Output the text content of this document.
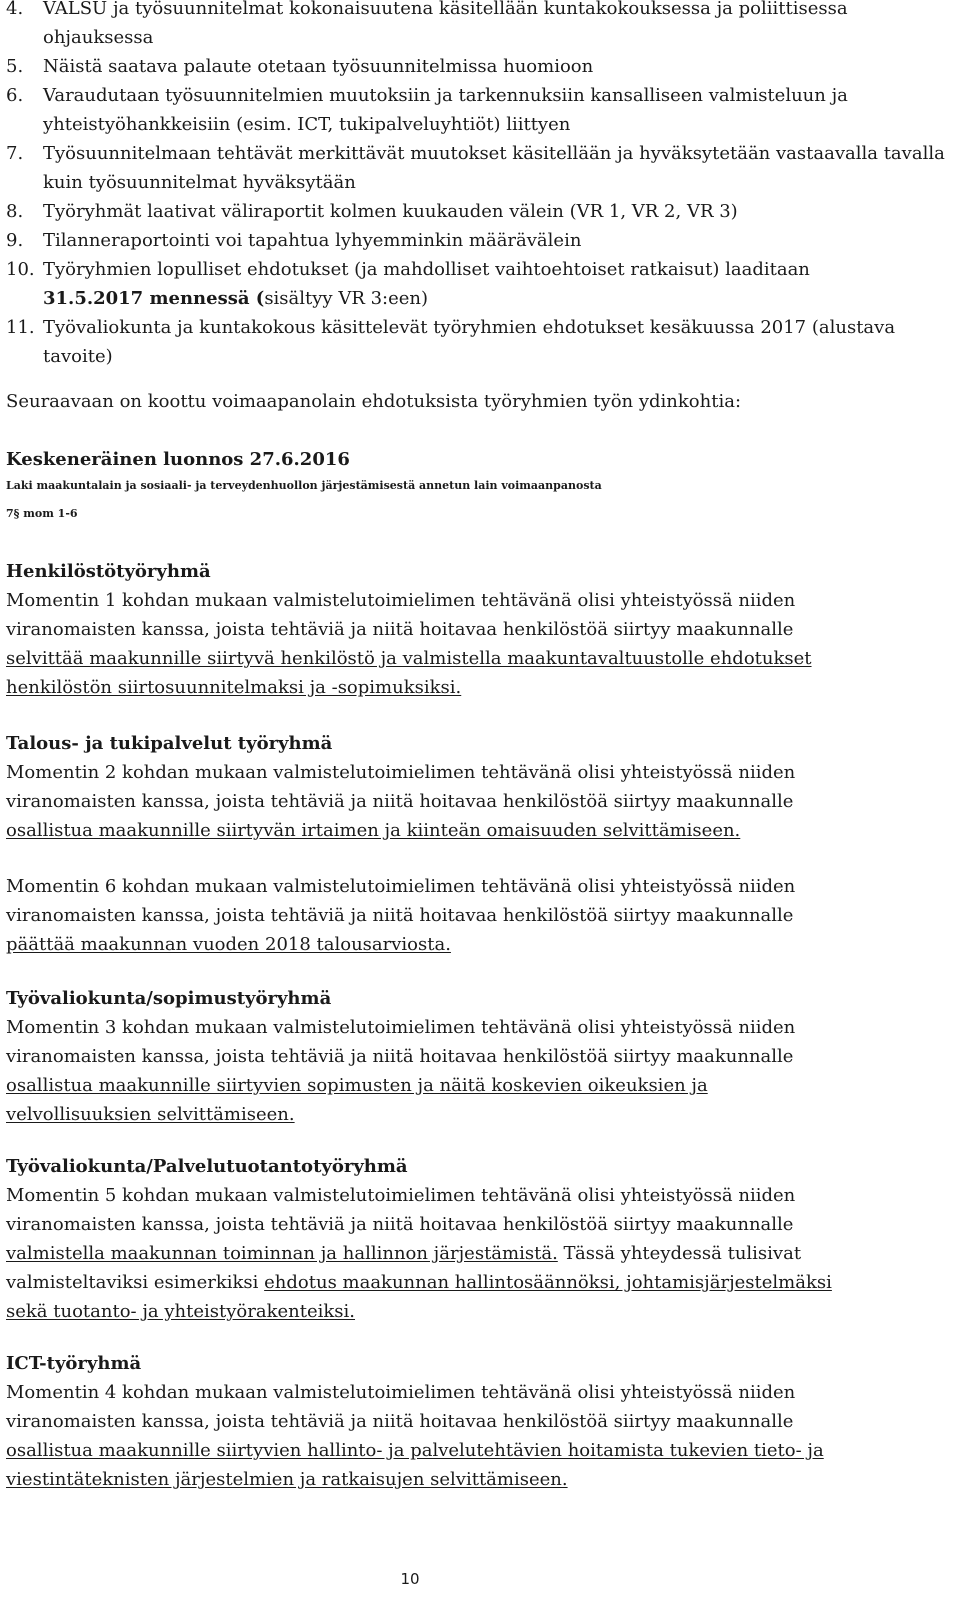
4. VALSU ja työsuunnitelmat kokonaisuutena käsitellään kuntakokouksessa ja poliittisessa ohjauksessa
5. Näistä saatava palaute otetaan työsuunnitelmissa huomioon
6. Varaudutaan työsuunnitelmien muutoksiin ja tarkennuksiin kansalliseen valmisteluun ja yhteistyöhankkeisiin (esim. ICT, tukipalveluyhtiöt) liittyen
7. Työsuunnitelmaan tehtävät merkittävät muutokset käsitellään ja hyväksytetään vastaavalla tavalla kuin työsuunnitelmat hyväksytään
8. Työryhmät laativat väliraportit kolmen kuukauden välein (VR 1, VR 2, VR 3)
9. Tilanneraportointi voi tapahtua lyhyemminkin määrävälein
10. Työryhmien lopulliset ehdotukset (ja mahdolliset vaihtoehtoiset ratkaisut) laaditaan
31.5.2017 mennessä (sisältyy VR 3:een)
11. Työvaliokunta ja kuntakokous käsittelevät työryhmien ehdotukset kesäkuussa 2017 (alustava tavoite)

Seuraavaan on koottu voimaapanolain ehdotuksista työryhmien työn ydinkohtia:

Keskeneräinen luonnos 27.6.2016

Laki maakuntalain ja sosiaali- ja terveydenhuollon järjestämisestä annetun lain voimaanpanosta

7§ mom 1-6

Henkilöstötyöryhmä

Momentin 1 kohdan mukaan valmistelutoimielimen tehtävänä olisi yhteistyössä niiden

viranomaisten kanssa, joista tehtäviä ja niitä hoitavaa henkilöstöä siirtyy maakunnalle

selvittää maakunnille siirtyvä henkilöstö ja valmistella maakuntavaltuustolle ehdotukset

henkilöstön siirtosuunnitelmaksi ja -sopimuksiksi.

Talous- ja tukipalvelut työryhmä

Momentin 2 kohdan mukaan valmistelutoimielimen tehtävänä olisi yhteistyössä niiden

viranomaisten kanssa, joista tehtäviä ja niitä hoitavaa henkilöstöä siirtyy maakunnalle

osallistua maakunnille siirtyvän irtaimen ja kiinteän omaisuuden selvittämiseen.

Momentin 6 kohdan mukaan valmistelutoimielimen tehtävänä olisi yhteistyössä niiden

viranomaisten kanssa, joista tehtäviä ja niitä hoitavaa henkilöstöä siirtyy maakunnalle

päättää maakunnan vuoden 2018 talousarviosta.

Työvaliokunta/sopimustyöryhmä

Momentin 3 kohdan mukaan valmistelutoimielimen tehtävänä olisi yhteistyössä niiden

viranomaisten kanssa, joista tehtäviä ja niitä hoitavaa henkilöstöä siirtyy maakunnalle

osallistua maakunnille siirtyvien sopimusten ja näitä koskevien oikeuksien ja

velvollisuuksien selvittämiseen.

Työvaliokunta/Palvelutuotantotyöryhmä

Momentin 5 kohdan mukaan valmistelutoimielimen tehtävänä olisi yhteistyössä niiden

viranomaisten kanssa, joista tehtäviä ja niitä hoitavaa henkilöstöä siirtyy maakunnalle

valmistella maakunnan toiminnan ja hallinnon järjestämistä. Tässä yhteydessä tulisivat

valmisteltaviksi esimerkiksi ehdotus maakunnan hallintosäännöksi, johtamisjärjestelmäksi

sekä tuotanto- ja yhteistyörakenteiksi.

ICT-työryhmä

Momentin 4 kohdan mukaan valmistelutoimielimen tehtävänä olisi yhteistyössä niiden

viranomaisten kanssa, joista tehtäviä ja niitä hoitavaa henkilöstöä siirtyy maakunnalle

osallistua maakunnille siirtyvien hallinto- ja palvelutehtävien hoitamista tukevien tieto- ja

viestintäteknisten järjestelmien ja ratkaisujen selvittämiseen.

10
